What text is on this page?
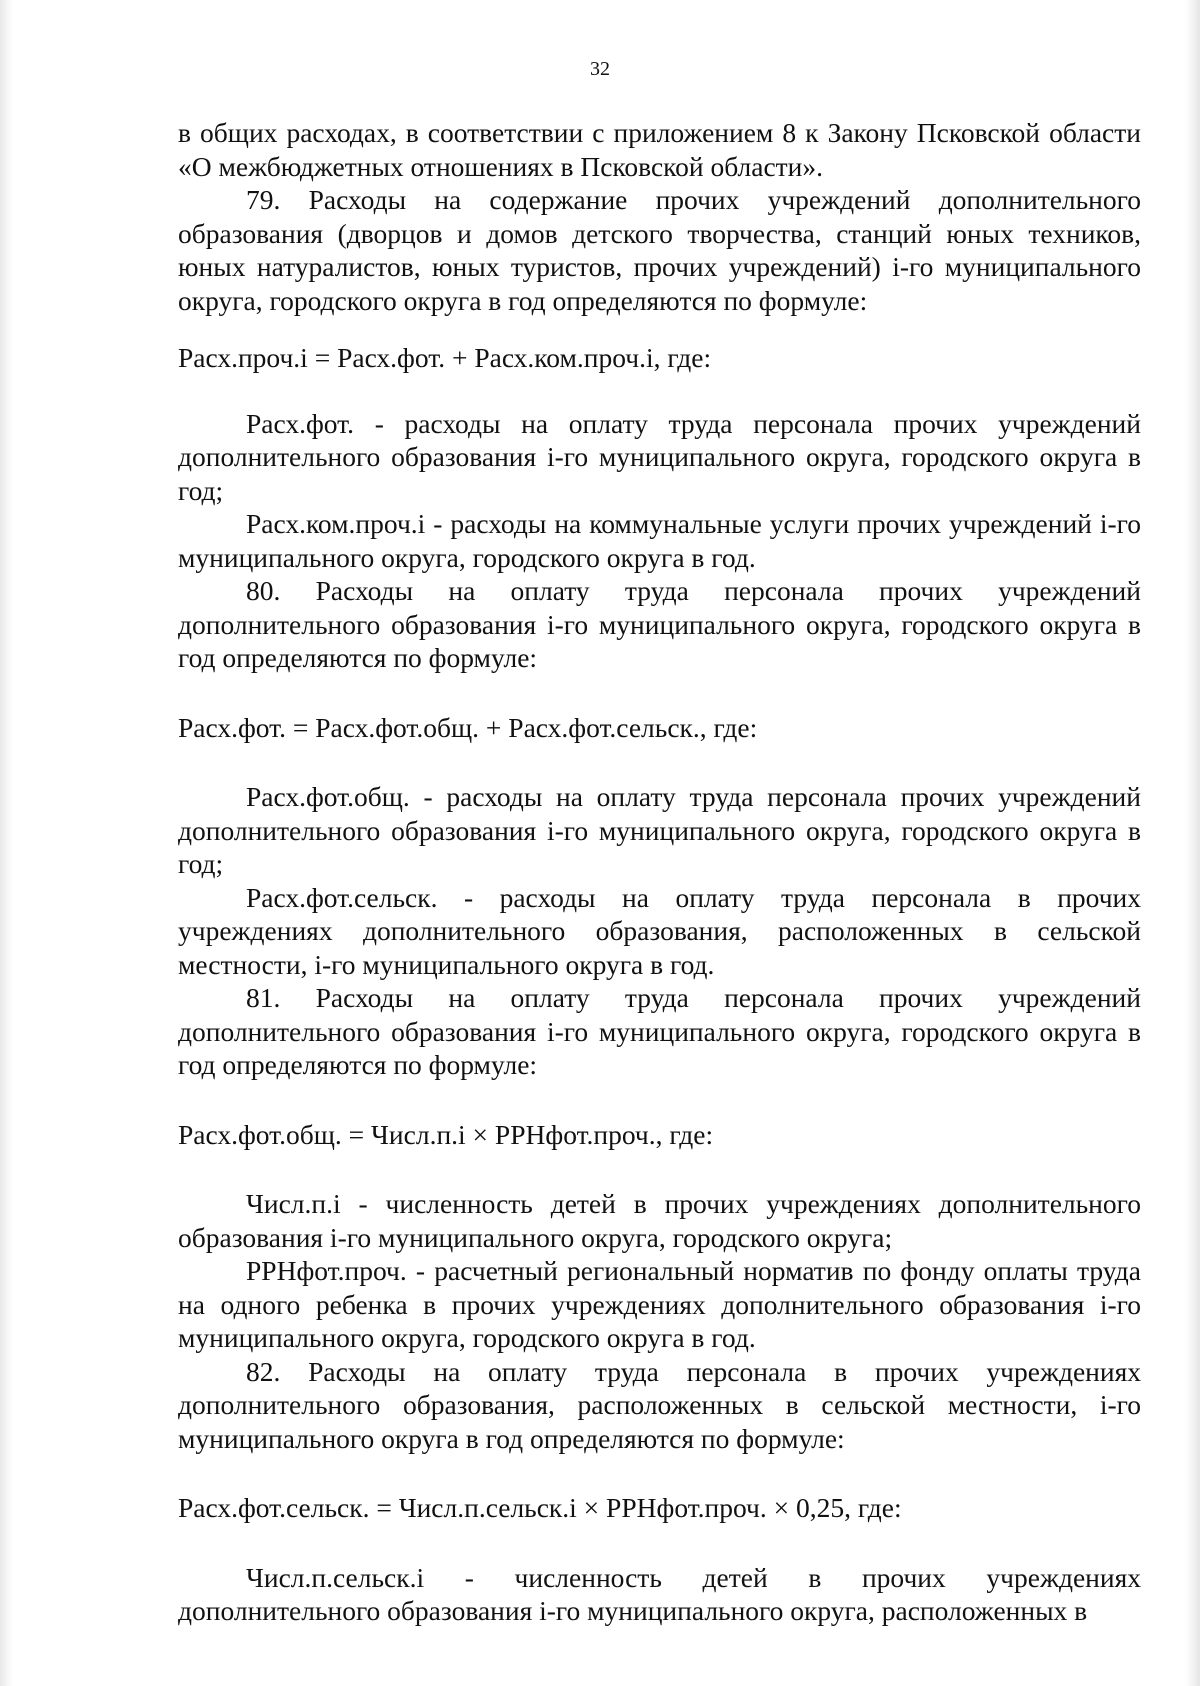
32

в общих расходах, в соответствии с приложением 8 к Закону Псковской области «О межбюджетных отношениях в Псковской области».

79. Расходы на содержание прочих учреждений дополнительного образования (дворцов и домов детского творчества, станций юных техников, юных натуралистов, юных туристов, прочих учреждений) i-го муниципального округа, городского округа в год определяются по формуле:

Расх.проч.i = Расх.фот. + Расх.ком.проч.i, где:

Расх.фот. - расходы на оплату труда персонала прочих учреждений дополнительного образования i-го муниципального округа, городского округа в год;

Расх.ком.проч.i - расходы на коммунальные услуги прочих учреждений i-го муниципального округа, городского округа в год.

80. Расходы на оплату труда персонала прочих учреждений дополнительного образования i-го муниципального округа, городского округа в год определяются по формуле:

Расх.фот. = Расх.фот.общ. + Расх.фот.сельск., где:

Расх.фот.общ. - расходы на оплату труда персонала прочих учреждений дополнительного образования i-го муниципального округа, городского округа в год;

Расх.фот.сельск. - расходы на оплату труда персонала в прочих учреждениях дополнительного образования, расположенных в сельской местности, i-го муниципального округа в год.

81. Расходы на оплату труда персонала прочих учреждений дополнительного образования i-го муниципального округа, городского округа в год определяются по формуле:

Расх.фот.общ. = Числ.п.i × РРНфот.проч., где:

Числ.п.i - численность детей в прочих учреждениях дополнительного образования i-го муниципального округа, городского округа;

РРНфот.проч. - расчетный региональный норматив по фонду оплаты труда на одного ребенка в прочих учреждениях дополнительного образования i-го муниципального округа, городского округа в год.

82. Расходы на оплату труда персонала в прочих учреждениях дополнительного образования, расположенных в сельской местности, i-го муниципального округа в год определяются по формуле:

Расх.фот.сельск. = Числ.п.сельск.i × РРНфот.проч. × 0,25, где:

Числ.п.сельск.i - численность детей в прочих учреждениях дополнительного образования i-го муниципального округа, расположенных в
